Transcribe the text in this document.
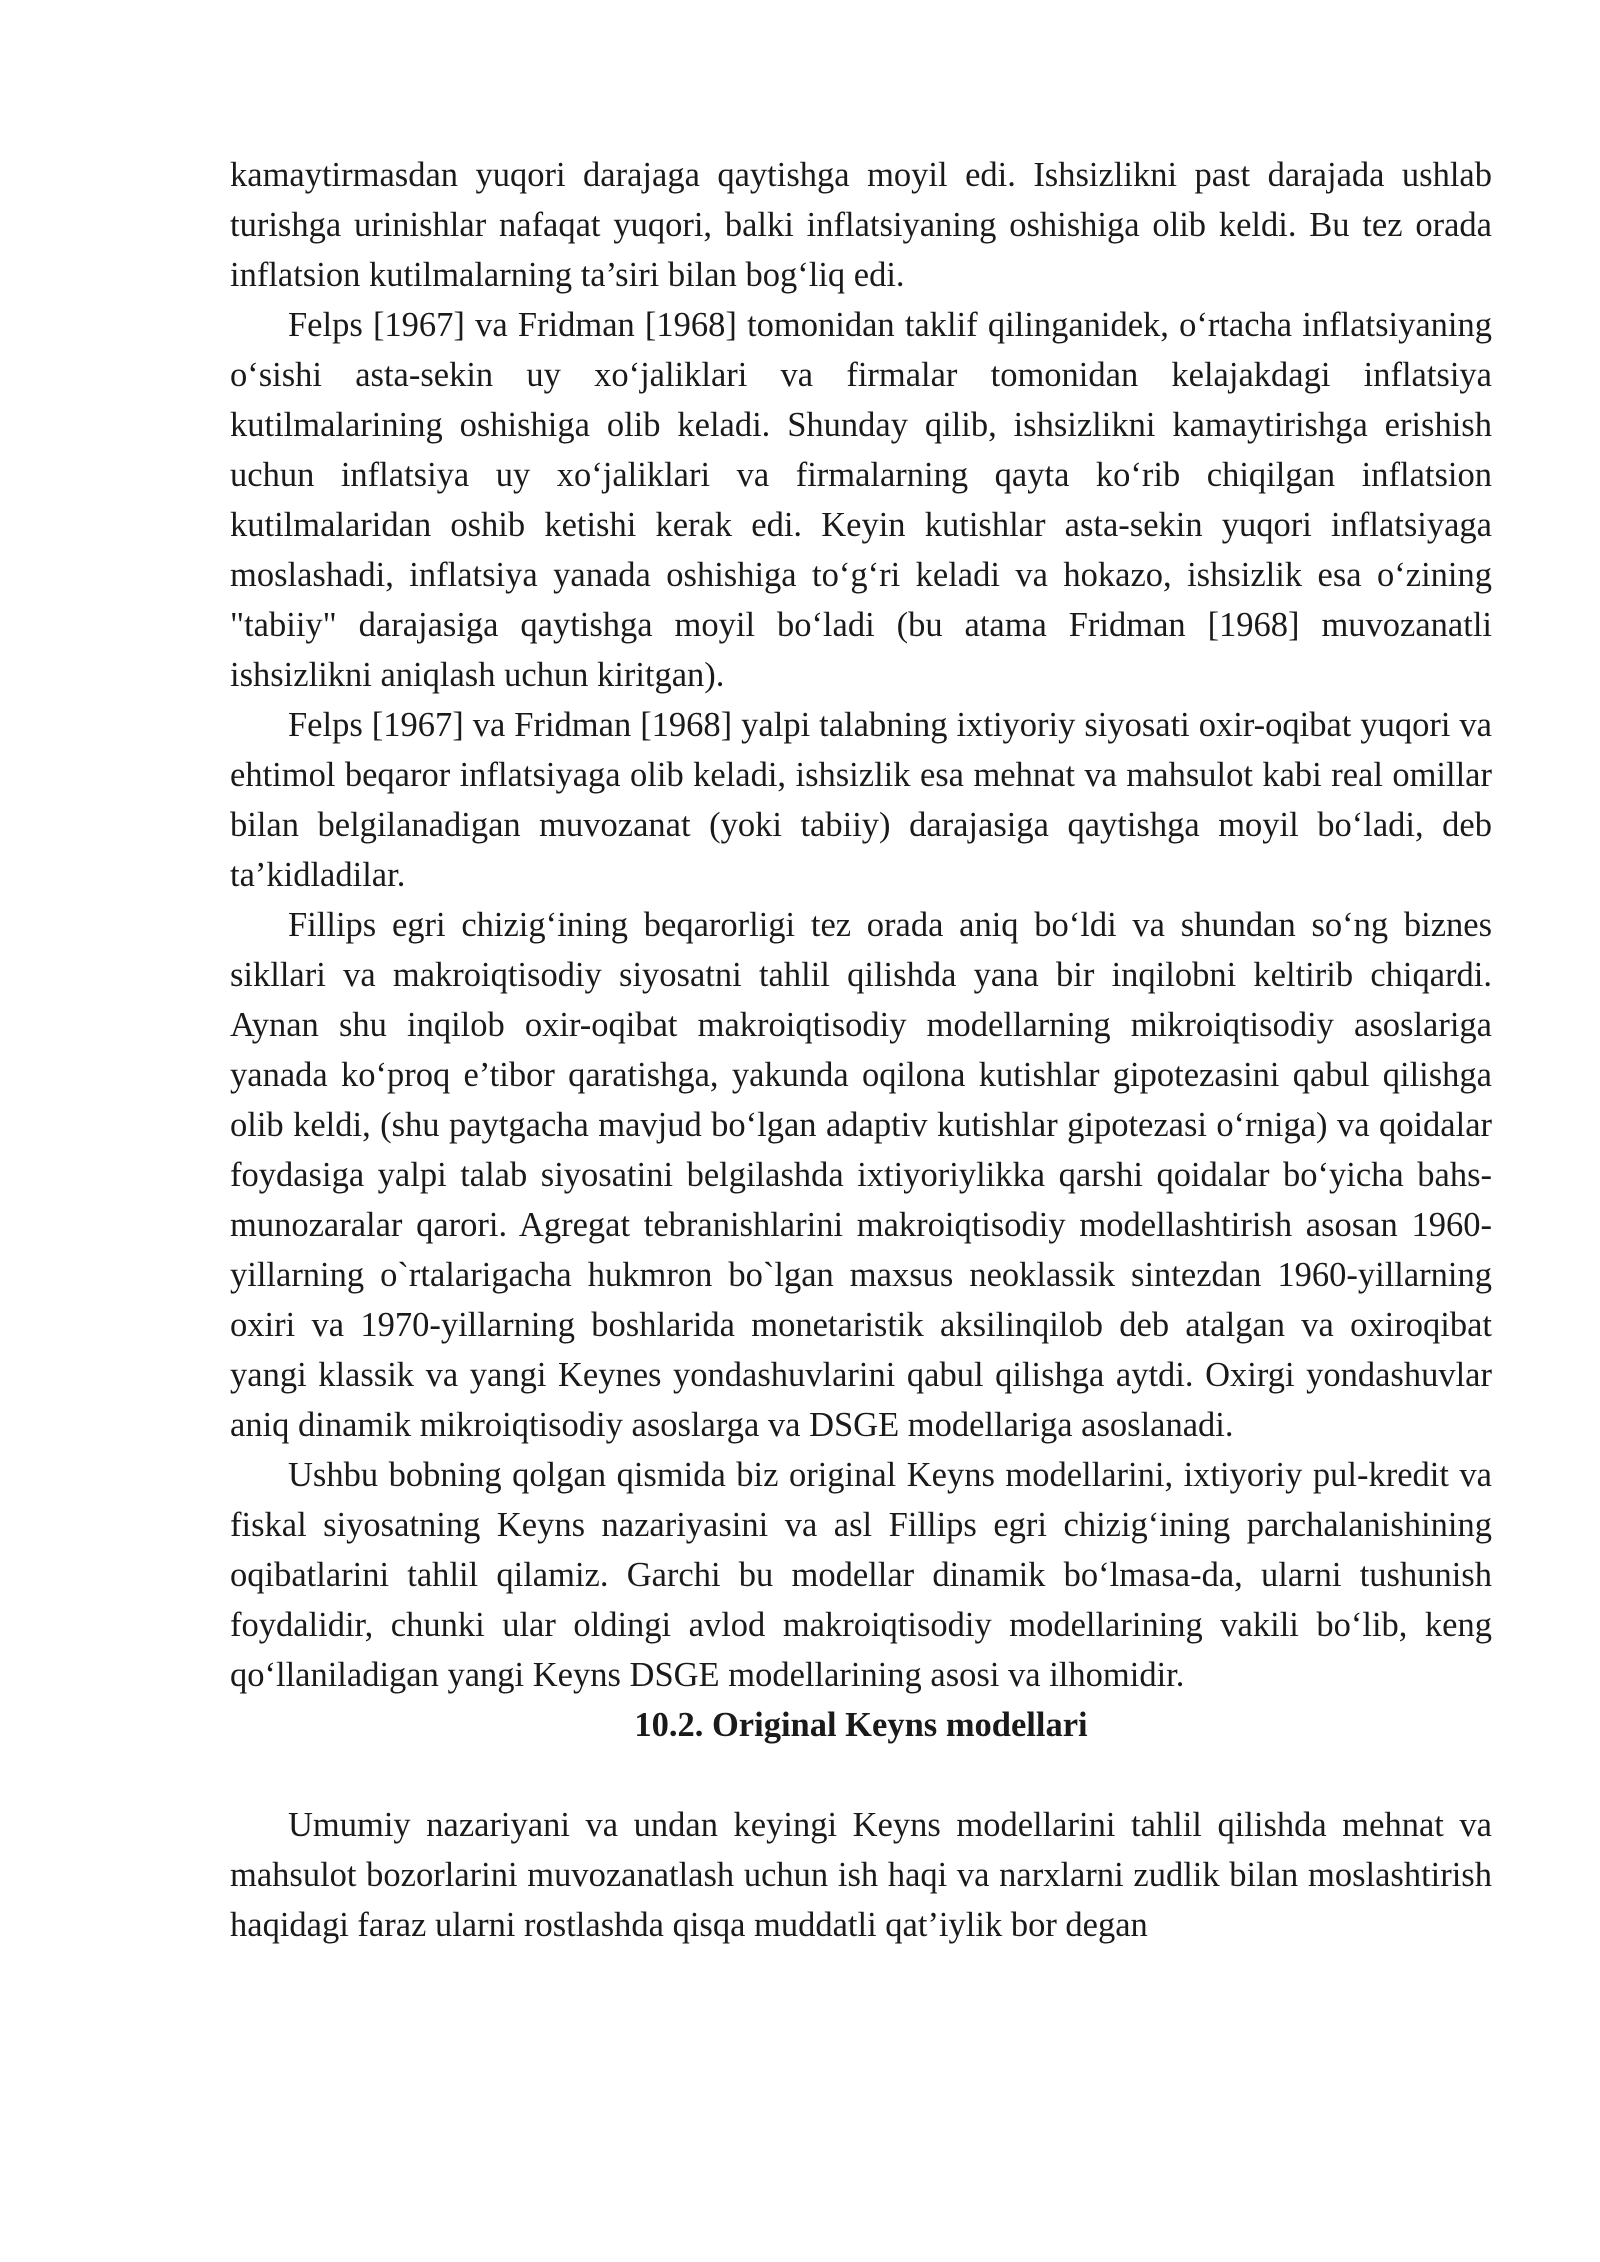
kamaytirmasdan yuqori darajaga qaytishga moyil edi. Ishsizlikni past darajada ushlab turishga urinishlar nafaqat yuqori, balki inflatsiyaning oshishiga olib keldi. Bu tez orada inflatsion kutilmalarning ta’siri bilan bog‘liq edi.

Felps [1967] va Fridman [1968] tomonidan taklif qilinganidek, o‘rtacha inflatsiyaning o‘sishi asta-sekin uy xo‘jaliklari va firmalar tomonidan kelajakdagi inflatsiya kutilmalarining oshishiga olib keladi. Shunday qilib, ishsizlikni kamaytirishga erishish uchun inflatsiya uy xo‘jaliklari va firmalarning qayta ko‘rib chiqilgan inflatsion kutilmalaridan oshib ketishi kerak edi. Keyin kutishlar asta-sekin yuqori inflatsiyaga moslashadi, inflatsiya yanada oshishiga to‘g‘ri keladi va hokazo, ishsizlik esa o‘zining "tabiiy" darajasiga qaytishga moyil bo‘ladi (bu atama Fridman [1968] muvozanatli ishsizlikni aniqlash uchun kiritgan).

Felps [1967] va Fridman [1968] yalpi talabning ixtiyoriy siyosati oxir-oqibat yuqori va ehtimol beqaror inflatsiyaga olib keladi, ishsizlik esa mehnat va mahsulot kabi real omillar bilan belgilanadigan muvozanat (yoki tabiiy) darajasiga qaytishga moyil bo‘ladi, deb ta’kidladilar.

Fillips egri chizig‘ining beqarorligi tez orada aniq bo‘ldi va shundan so‘ng biznes sikllari va makroiqtisodiy siyosatni tahlil qilishda yana bir inqilobni keltirib chiqardi. Aynan shu inqilob oxir-oqibat makroiqtisodiy modellarning mikroiqtisodiy asoslariga yanada ko‘proq e’tibor qaratishga, yakunda oqilona kutishlar gipotezasini qabul qilishga olib keldi, (shu paytgacha mavjud bo‘lgan adaptiv kutishlar gipotezasi o‘rniga) va qoidalar foydasiga yalpi talab siyosatini belgilashda ixtiyoriylikka qarshi qoidalar bo‘yicha bahs-munozaralar qarori. Agregat tebranishlarini makroiqtisodiy modellashtirish asosan 1960- yillarning o`rtalarigacha hukmron bo`lgan maxsus neoklassik sintezdan 1960-yillarning oxiri va 1970-yillarning boshlarida monetaristik aksilinqilob deb atalgan va oxiroqibat yangi klassik va yangi Keynes yondashuvlarini qabul qilishga aytdi. Oxirgi yondashuvlar aniq dinamik mikroiqtisodiy asoslarga va DSGE modellariga asoslanadi.

Ushbu bobning qolgan qismida biz original Keyns modellarini, ixtiyoriy pul-kredit va fiskal siyosatning Keyns nazariyasini va asl Fillips egri chizig‘ining parchalanishining oqibatlarini tahlil qilamiz. Garchi bu modellar dinamik bo‘lmasa-da, ularni tushunish foydalidir, chunki ular oldingi avlod makroiqtisodiy modellarining vakili bo‘lib, keng qo‘llaniladigan yangi Keyns DSGE modellarining asosi va ilhomidir.

10.2. Original Keyns modellari

Umumiy nazariyani va undan keyingi Keyns modellarini tahlil qilishda mehnat va mahsulot bozorlarini muvozanatlash uchun ish haqi va narxlarni zudlik bilan moslashtirish haqidagi faraz ularni rostlashda qisqa muddatli qat’iylik bor degan
